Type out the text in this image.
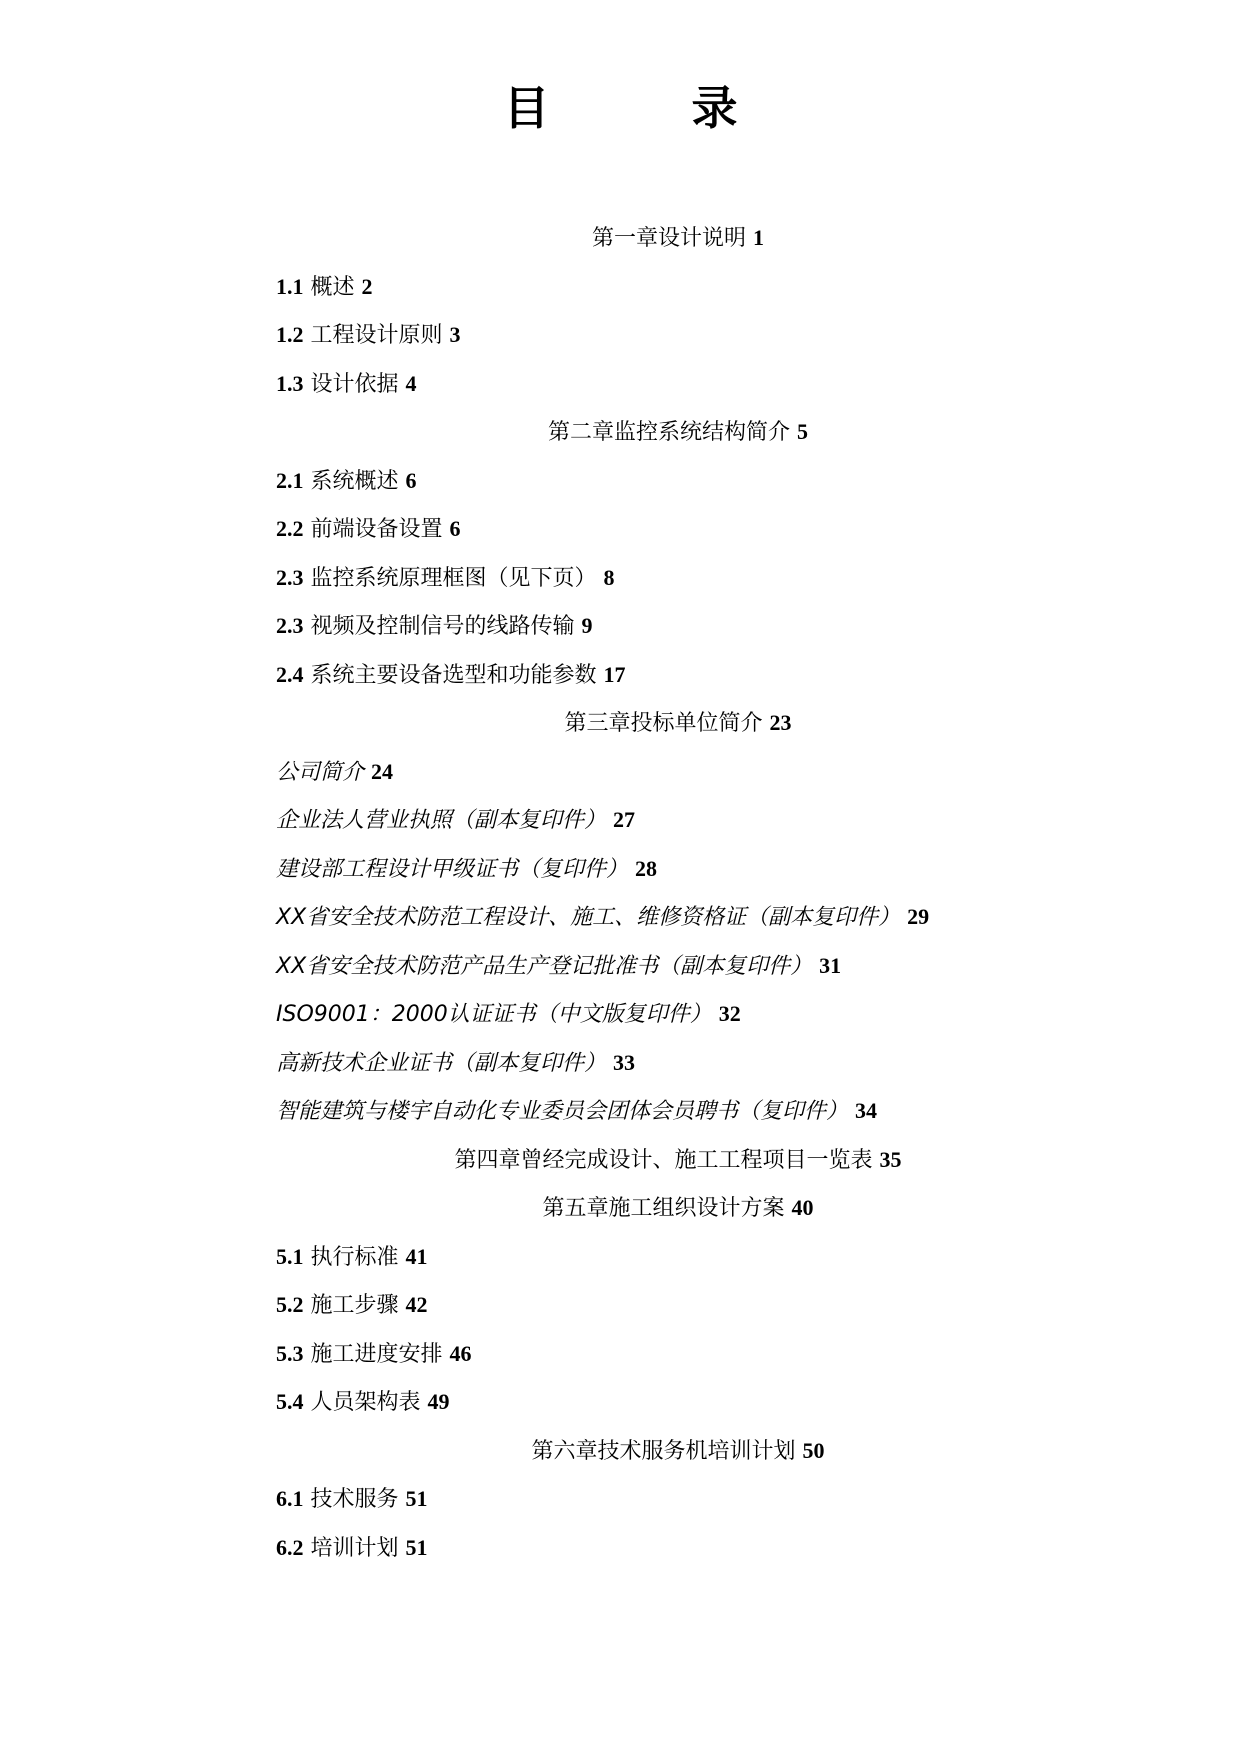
目　录
第一章设计说明 1
1.1 概述 2
1.2 工程设计原则 3
1.3 设计依据 4
第二章监控系统结构简介 5
2.1 系统概述 6
2.2 前端设备设置 6
2.3 监控系统原理框图（见下页） 8
2.3 视频及控制信号的线路传输 9
2.4 系统主要设备选型和功能参数 17
第三章投标单位简介 23
公司简介 24
企业法人营业执照（副本复印件） 27
建设部工程设计甲级证书（复印件） 28
XX省安全技术防范工程设计、施工、维修资格证（副本复印件） 29
XX省安全技术防范产品生产登记批准书（副本复印件） 31
ISO9001：2000认证证书（中文版复印件） 32
高新技术企业证书（副本复印件） 33
智能建筑与楼宇自动化专业委员会团体会员聘书（复印件） 34
第四章曾经完成设计、施工工程项目一览表 35
第五章施工组织设计方案 40
5.1 执行标准 41
5.2 施工步骤 42
5.3 施工进度安排 46
5.4 人员架构表 49
第六章技术服务机培训计划 50
6.1 技术服务 51
6.2 培训计划 51
